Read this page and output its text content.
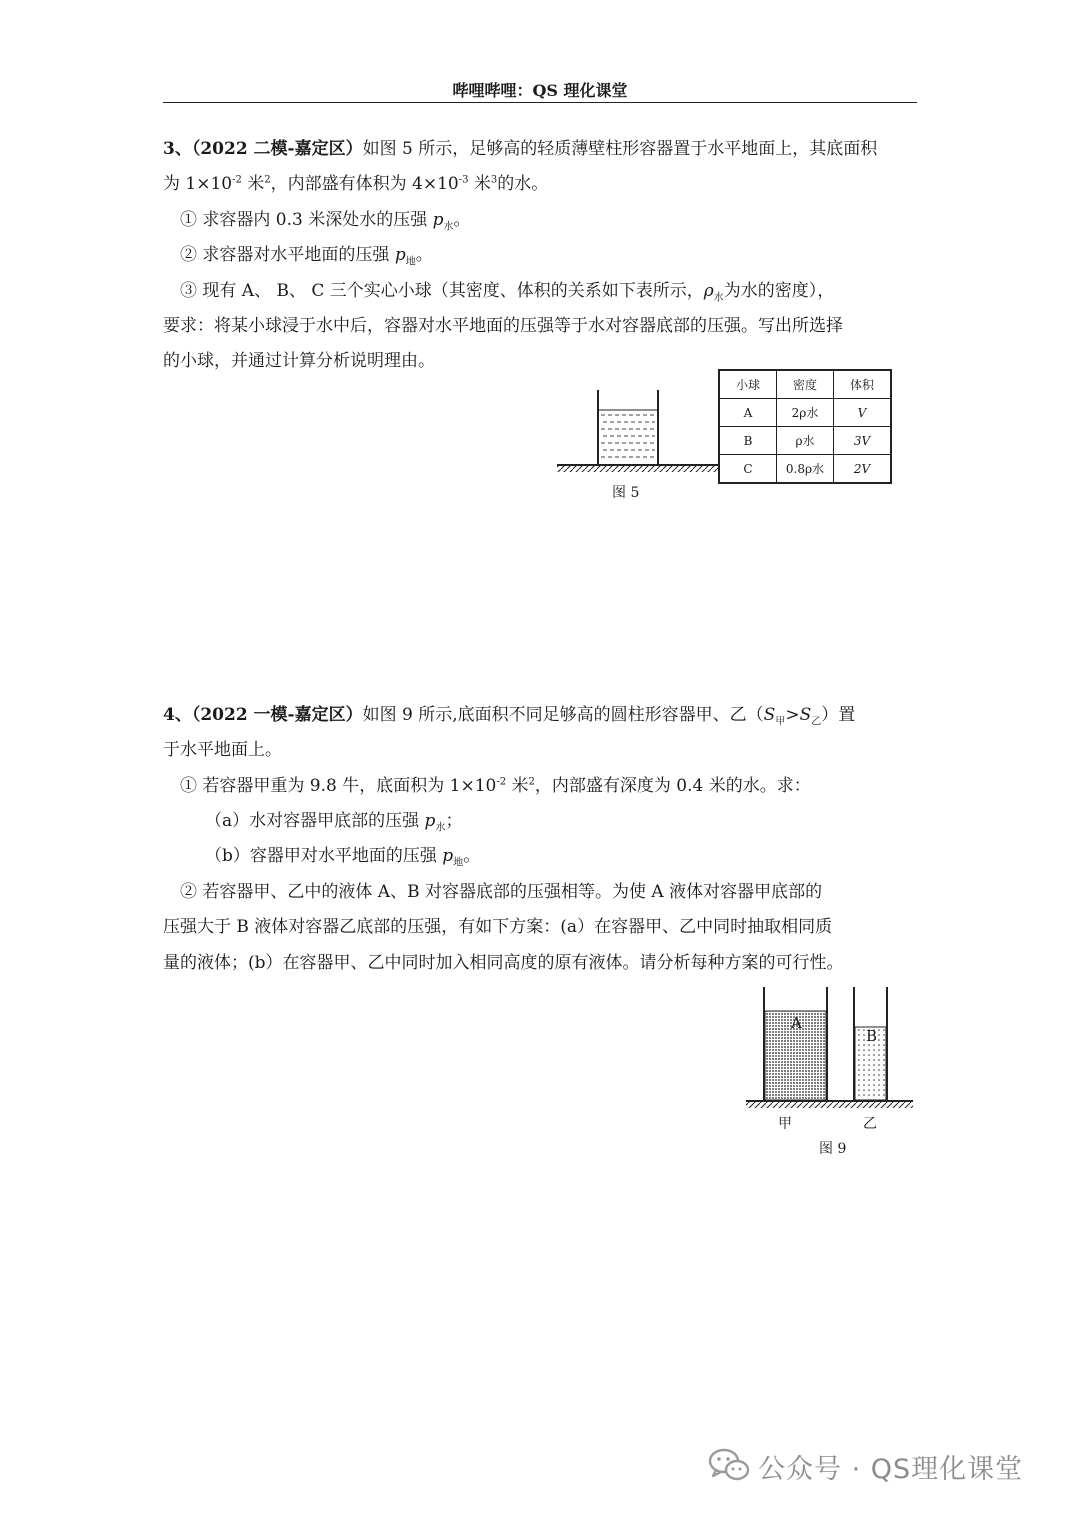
哔哩哔哩：QS 理化课堂
3、（2022 二模-嘉定区）如图 5 所示，足够高的轻质薄壁柱形容器置于水平地面上，其底面积
为 $1\times 10^{-2}$ 米$^2$，内部盛有体积为 $4\times 10^{-3}$ 米$^3$的水。
① 求容器内 0.3 米深处水的压强 $p_水$。
② 求容器对水平地面的压强 $p_地$。
③ 现有 A、 B、 C 三个实心小球（其密度、体积的关系如下表所示，$\rho_水$为水的密度），
要求：将某小球浸于水中后，容器对水平地面的压强等于水对容器底部的压强。写出所选择
的小球，并通过计算分析说明理由。
图 5
小球	密度	体积
A	2ρ水	V
B	ρ水	3V
C	0.8ρ水	2V
4、（2022 一模-嘉定区）如图 9 所示,底面积不同足够高的圆柱形容器甲、乙$(S_甲>S_乙)$置
于水平地面上。
① 若容器甲重为 9.8 牛，底面积为 $1\times 10^{-2}$ 米$^2$，内部盛有深度为 0.4 米的水。求：
（a）水对容器甲底部的压强 $p_水$；
（b）容器甲对水平地面的压强 $p_地$。
② 若容器甲、乙中的液体 A、B 对容器底部的压强相等。为使 A 液体对容器甲底部的
压强大于 B 液体对容器乙底部的压强，有如下方案：(a）在容器甲、乙中同时抽取相同质
量的液体；(b）在容器甲、乙中同时加入相同高度的原有液体。请分析每种方案的可行性。
A
B
甲	乙
图 9
公众号 · QS理化课堂
